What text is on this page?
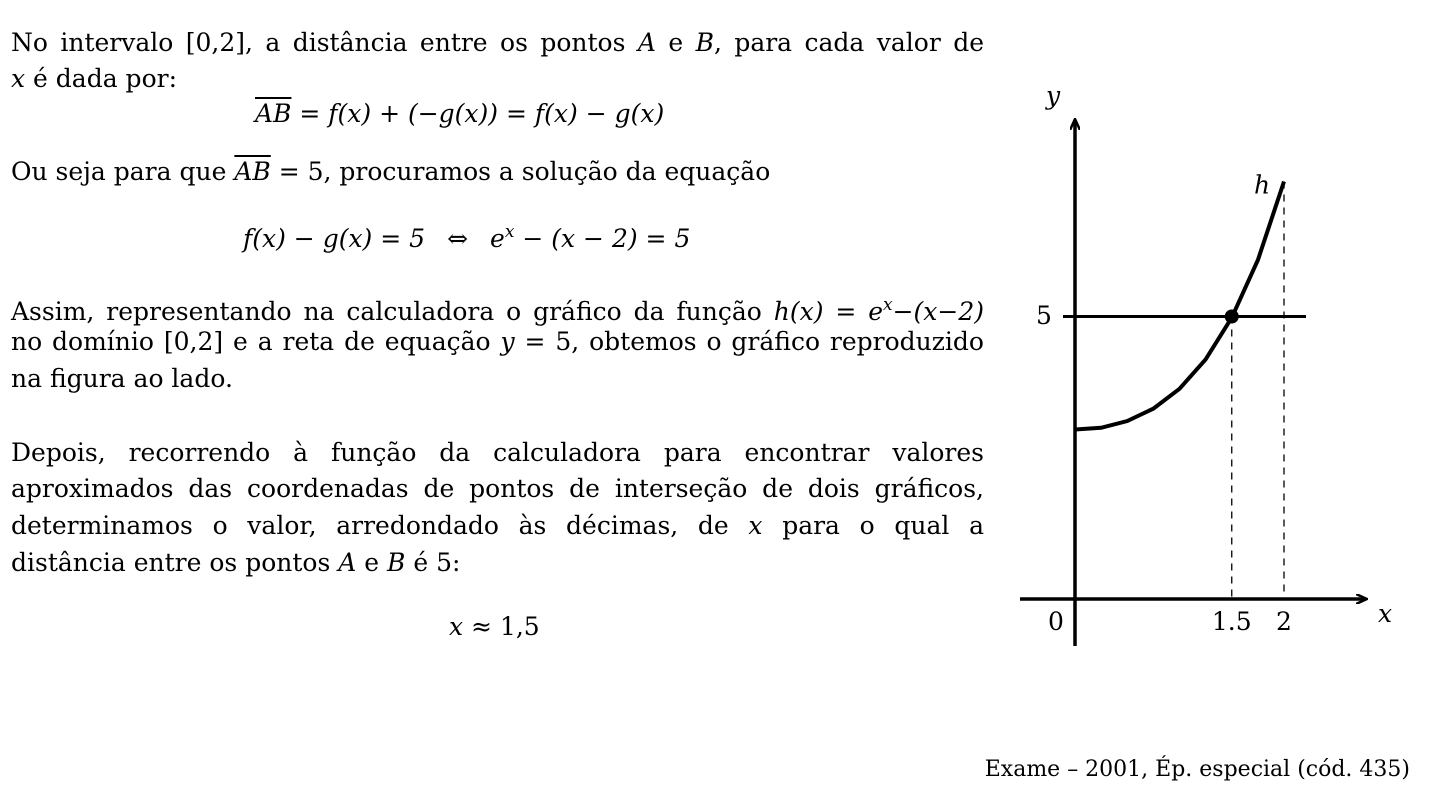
No intervalo [0,2], a distância entre os pontos A e B, para cada valor de
x é dada por:
$\overline{AB} = f(x) + (-g(x)) = f(x) - g(x)$
Ou seja para que $\overline{AB} = 5$, procuramos a solução da equação
f(x) − g(x) = 5 ⇔ $e^x - (x - 2) = 5$
Assim, representando na calculadora o gráfico da função $h(x) = e^x-(x-2)$
no domínio [0,2] e a reta de equação y = 5, obtemos o gráfico reproduzido
na figura ao lado.
Depois, recorrendo à função da calculadora para encontrar valores
aproximados das coordenadas de pontos de interseção de dois gráficos,
determinamos o valor, arredondado às décimas, de x para o qual a
distância entre os pontos A e B é 5:
x ≈ 1,5
h
y
x
5
0	1.5 2
Exame – 2001, Ép. especial (cód. 435)
